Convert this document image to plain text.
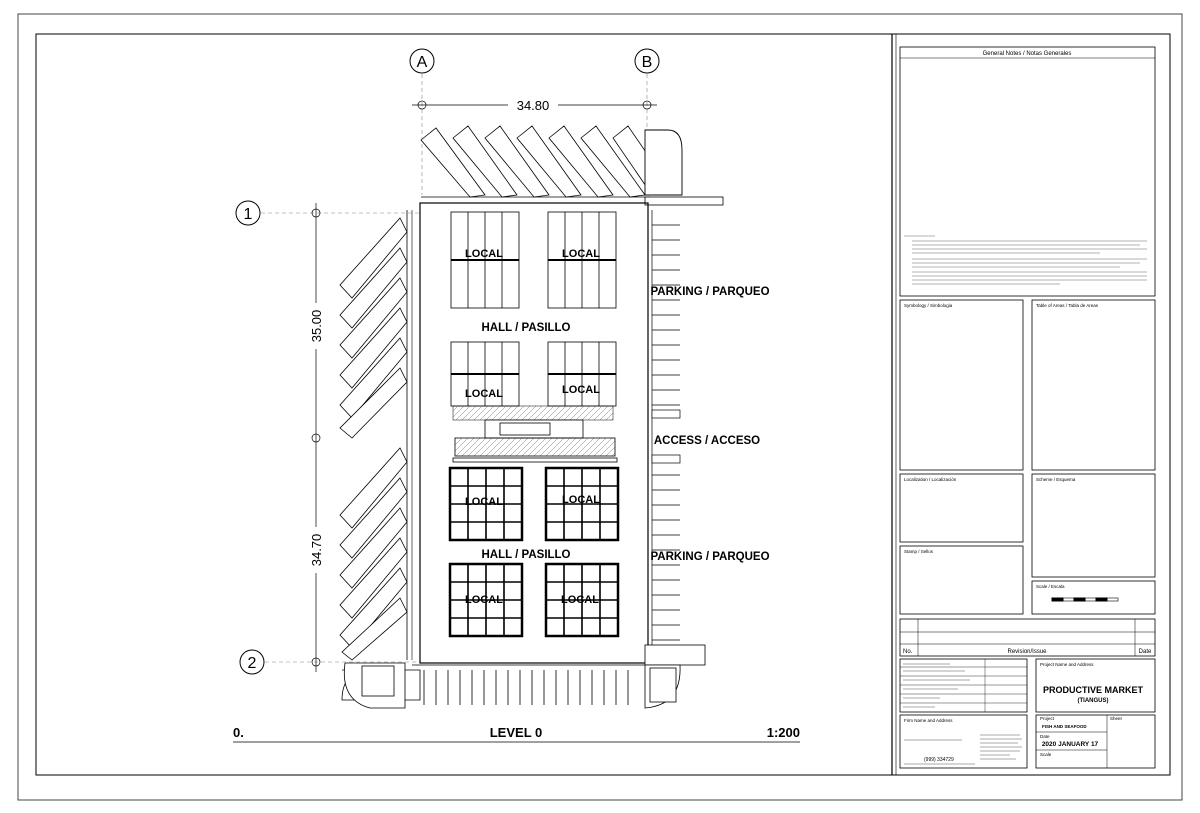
A	B
1
2
34.80
35.00
34.70
LOCAL	LOCAL
LOCAL	LOCAL
LOCAL	LOCAL
LOCAL	LOCAL
HALL / PASILLO
HALL / PASILLO
PARKING / PARQUEO
PARKING / PARQUEO
ACCESS / ACCESO
0.	LEVEL 0	1:200
General Notes / Notas Generales
Symbology / Simbologia	Table of Areas / Tabla de Areas
Localization / Localización	Scheme / Esquema
Stamp / Sellos
Scale / Escala
No.	Revision/Issue	Date
Project Name and Address
PRODUCTIVE MARKET
(TIANGUS)
Firm Name and Address
(999) 334729
Project
FISH AND SEAFOOD
Sheet
Date
2020 JANUARY 17
Scale
